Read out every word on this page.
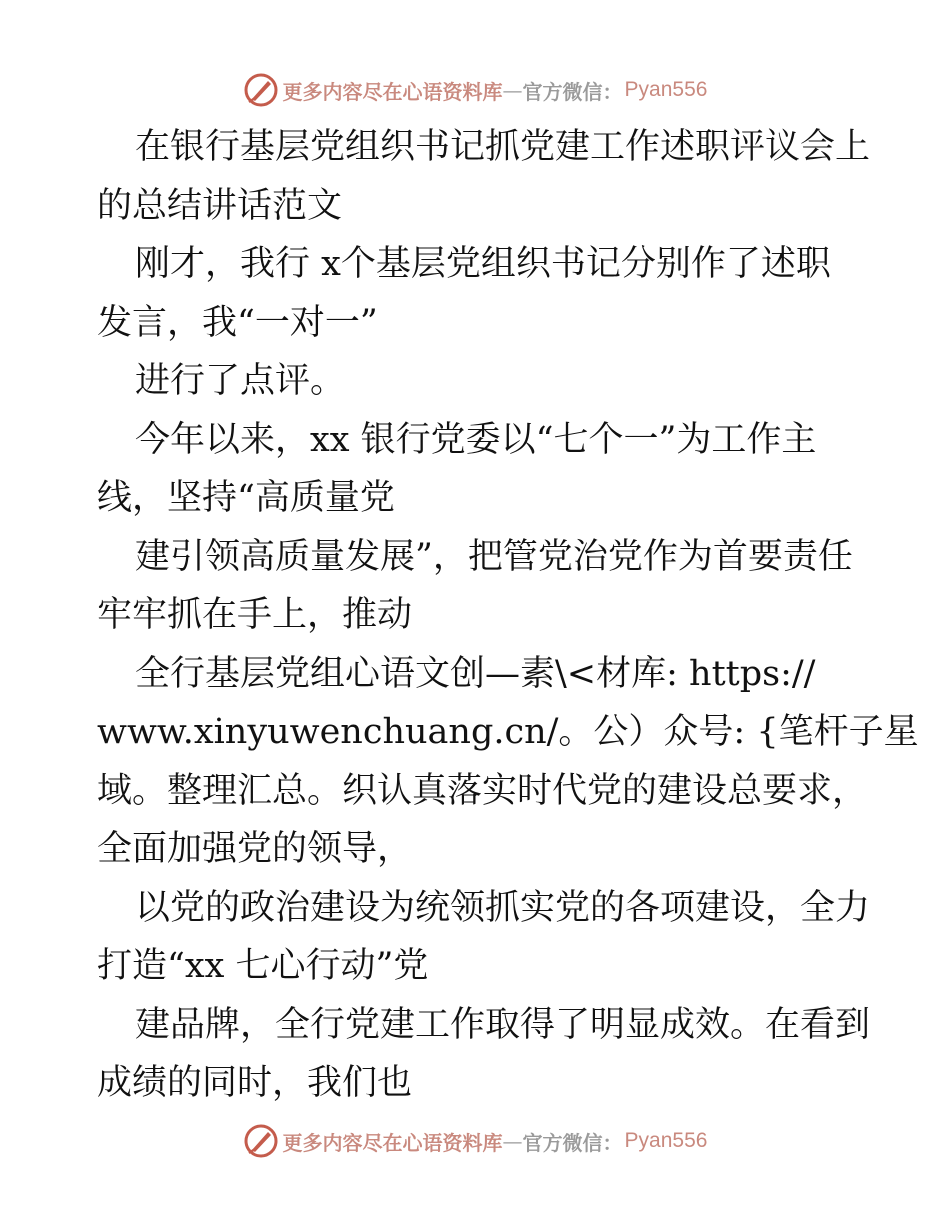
更多内容尽在心语资料库 — 官方微信： Pyan556
在银行基层党组织书记抓党建工作述职评议会上
的总结讲话范文
刚才，我行 x个基层党组织书记分别作了述职
发言，我“一对一”
进行了点评。
今年以来，xx 银行党委以“七个一”为工作主
线，坚持“高质量党
建引领高质量发展”，把管党治党作为首要责任
牢牢抓在手上，推动
全行基层党组心语文创—素\<材库: https://
www.xinyuwenchuang.cn/。公）众号: {笔杆子星
域。整理汇总。织认真落实时代党的建设总要求，
全面加强党的领导，
以党的政治建设为统领抓实党的各项建设，全力
打造“xx 七心行动”党
建品牌，全行党建工作取得了明显成效。在看到
成绩的同时，我们也
更多内容尽在心语资料库 — 官方微信： Pyan556
